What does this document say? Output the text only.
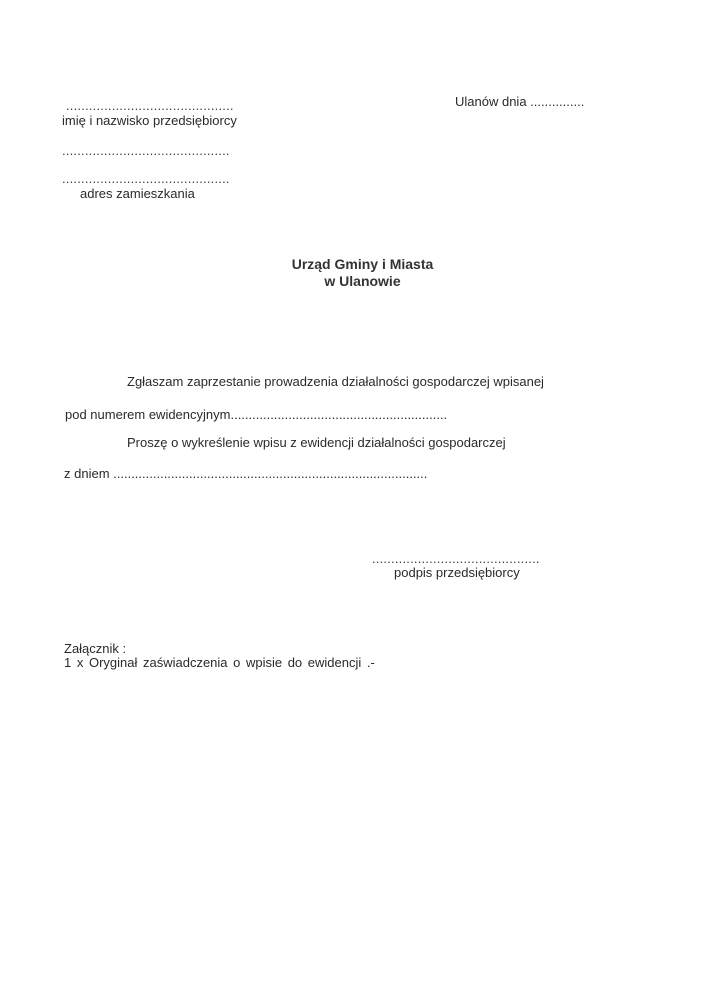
Ulanów dnia ...............
............................................
imię i nazwisko przedsiębiorcy
............................................
............................................
adres zamieszkania
Urząd Gminy i Miasta
w Ulanowie
Zgłaszam zaprzestanie prowadzenia działalności gospodarczej wpisanej
pod numerem ewidencyjnym............................................................
Proszę o wykreślenie wpisu z ewidencji działalności gospodarczej
z dniem .......................................................................................
............................................
podpis przedsiębiorcy
Załącznik :
1 x Oryginał zaświadczenia o wpisie do ewidencji .-
